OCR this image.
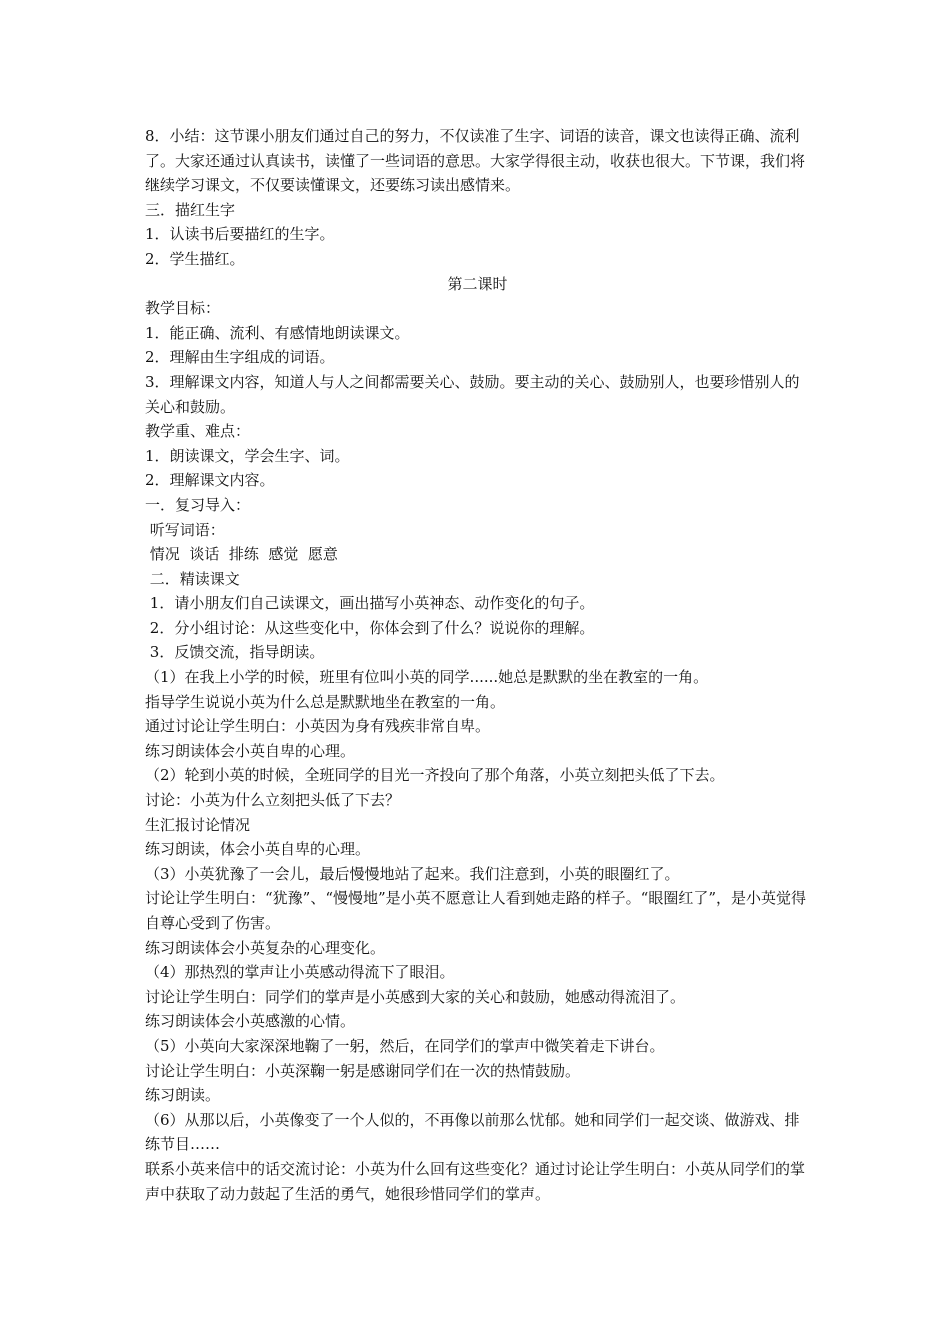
8．小结：这节课小朋友们通过自己的努力，不仅读准了生字、词语的读音，课文也读得正确、流利了。大家还通过认真读书，读懂了一些词语的意思。大家学得很主动，收获也很大。下节课，我们将继续学习课文，不仅要读懂课文，还要练习读出感情来。

三．描红生字

1．认读书后要描红的生字。

2．学生描红。

第二课时

教学目标：

1．能正确、流利、有感情地朗读课文。

2．理解由生字组成的词语。

3．理解课文内容，知道人与人之间都需要关心、鼓励。要主动的关心、鼓励别人，也要珍惜别人的关心和鼓励。

教学重、难点：

1．朗读课文，学会生字、词。

2．理解课文内容。

一．复习导入：

听写词语：

情况  谈话  排练  感觉  愿意

二．精读课文

1．请小朋友们自己读课文，画出描写小英神态、动作变化的句子。

2．分小组讨论：从这些变化中，你体会到了什么？说说你的理解。

3．反馈交流，指导朗读。

（1）在我上小学的时候，班里有位叫小英的同学......她总是默默的坐在教室的一角。

指导学生说说小英为什么总是默默地坐在教室的一角。

通过讨论让学生明白：小英因为身有残疾非常自卑。

练习朗读体会小英自卑的心理。

（2）轮到小英的时候，全班同学的目光一齐投向了那个角落，小英立刻把头低了下去。

讨论：小英为什么立刻把头低了下去？

生汇报讨论情况

练习朗读，体会小英自卑的心理。

（3）小英犹豫了一会儿，最后慢慢地站了起来。我们注意到，小英的眼圈红了。

讨论让学生明白：“犹豫”、“慢慢地”是小英不愿意让人看到她走路的样子。“眼圈红了”，是小英觉得自尊心受到了伤害。

练习朗读体会小英复杂的心理变化。

（4）那热烈的掌声让小英感动得流下了眼泪。

讨论让学生明白：同学们的掌声是小英感到大家的关心和鼓励，她感动得流泪了。

练习朗读体会小英感激的心情。

（5）小英向大家深深地鞠了一躬，然后，在同学们的掌声中微笑着走下讲台。

讨论让学生明白：小英深鞠一躬是感谢同学们在一次的热情鼓励。

练习朗读。

（6）从那以后，小英像变了一个人似的，不再像以前那么忧郁。她和同学们一起交谈、做游戏、排练节目……

联系小英来信中的话交流讨论：小英为什么回有这些变化？通过讨论让学生明白：小英从同学们的掌声中获取了动力鼓起了生活的勇气，她很珍惜同学们的掌声。
